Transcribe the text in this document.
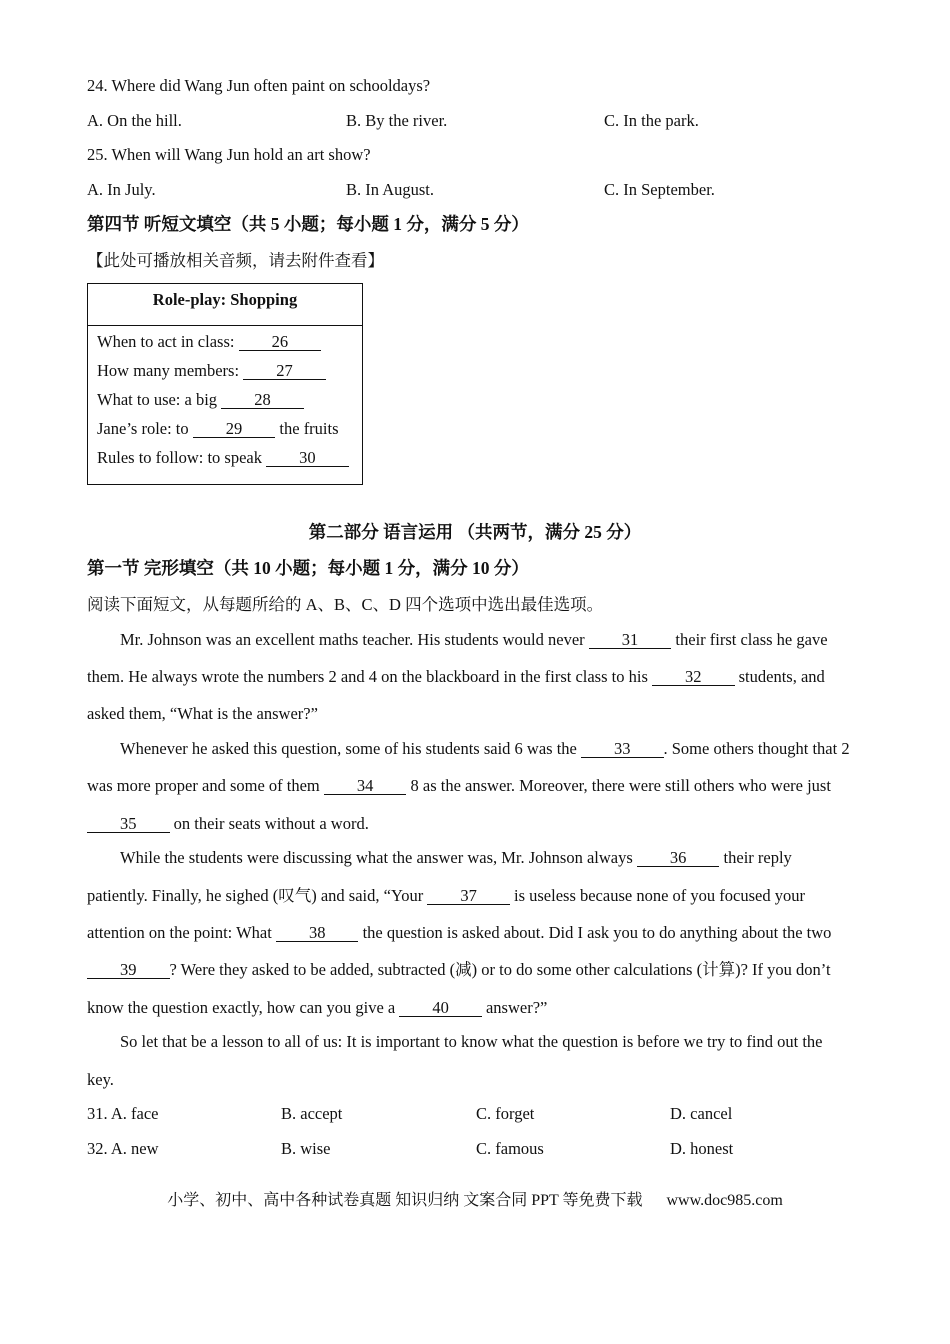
24. Where did Wang Jun often paint on schooldays?
A. On the hill.	B. By the river.	C. In the park.
25. When will Wang Jun hold an art show?
A. In July.	B. In August.	C. In September.
第四节 听短文填空（共 5 小题；每小题 1 分，满分 5 分）
【此处可播放相关音频，请去附件查看】
Role-play: Shopping
When to act in class: 26
How many members: 27
What to use: a big 28
Jane’s role: to 29 the fruits
Rules to follow: to speak 30
第二部分 语言运用 （共两节，满分 25 分）
第一节 完形填空（共 10 小题；每小题 1 分，满分 10 分）
阅读下面短文，从每题所给的 A、B、C、D 四个选项中选出最佳选项。
Mr. Johnson was an excellent maths teacher. His students would never 31 their first class he gave
them. He always wrote the numbers 2 and 4 on the blackboard in the first class to his 32 students, and
asked them, “What is the answer?”
Whenever he asked this question, some of his students said 6 was the 33 . Some others thought that 2
was more proper and some of them 34 8 as the answer. Moreover, there were still others who were just
35 on their seats without a word.
While the students were discussing what the answer was, Mr. Johnson always 36 their reply
patiently. Finally, he sighed (叹气) and said, “Your 37 is useless because none of you focused your
attention on the point: What 38 the question is asked about. Did I ask you to do anything about the two
39 ? Were they asked to be added, subtracted (减) or to do some other calculations (计算)? If you don’t
know the question exactly, how can you give a 40 answer?”
So let that be a lesson to all of us: It is important to know what the question is before we try to find out the
key.
31. A. face	B. accept	C. forget	D. cancel
32. A. new	B. wise	C. famous	D. honest
小学、初中、高中各种试卷真题 知识归纳 文案合同 PPT 等免费下载 www.doc985.com
